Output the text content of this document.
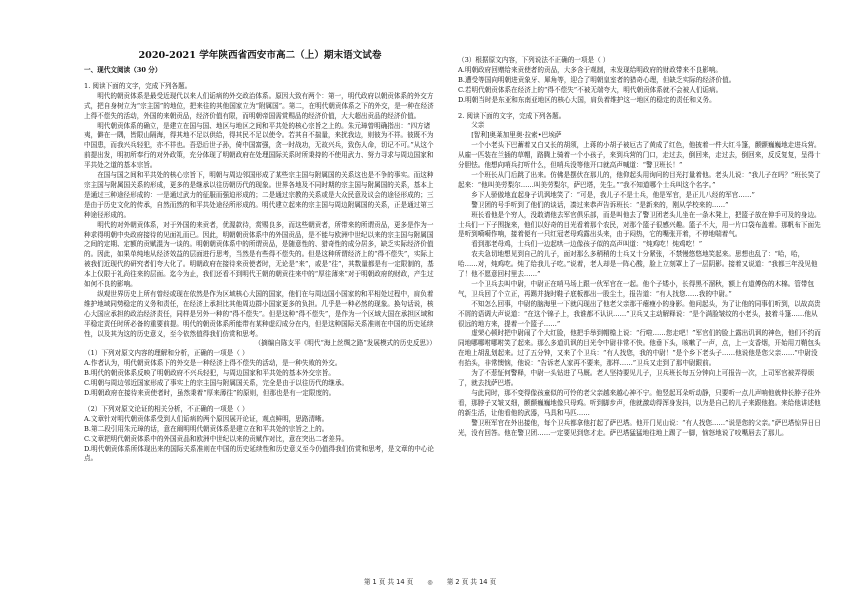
2020-2021 学年陕西省西安市高二（上）期末语文试卷

一、现代文阅读（30 分）

1. 阅读下面的文字，完成下列各题。

明代的朝贡体系是最受近现代以来人们诟病的外交政治体系。原因大致有两个：第一，明代政府以朝贡体系的外交方式，把自身树立为“宗主国”的地位，把来往的其他国家立为“附属国”。第二，在明代朝贡体系之下的外交，是一种在经济上得不偿失的活动，外国的来朝贡品，经济价值有限，而明朝帝国需赏赐品的经济价值，大大超出贡品的经济价值。

明代朝贡体系的确立，是建立在国与国、地区与地区之间和平共处的核心宗旨之上的。朱元璋曾明确指出：“四方诸夷，僻在一隅，皆限山隔海，得其地不足以供给，得其民不足以使令。若其自不揣量，来扰我边，则彼为不祥。彼既不为中国患，而我兴兵轻犯，亦不祥也。吾恐后世子孙，倚中国富强，贪一时战功，无故兴兵，致伤人命，切记不可。”从这个前提出发，明初所奉行的对外政策，充分体现了明朝政府在处理国际关系时所秉持的不使用武力、努力寻求与周边国家和平共处之道的基本宗旨。

在国与国之间和平共处的核心宗旨下，明朝与周边邻国形成了某些宗主国与附属国的关系这也是不争的事实。而这种宗主国与附属国关系的形成，更多的是继承以往历朝历代的现象。世界各地及不同时期的宗主国与附属国的关系，基本上是通过三种途径形成的：一是通过武力的征服而强迫形成的；二是通过宗教的关系或是大众民意及议会的途径形成的；三是由于历史文化的传承，自然而然的和平共处途径所形成的。明代建立起来的宗主国与周边附属国的关系，正是通过第三种途径形成的。

明代的对外朝贡体系，对于外国的来贡者，优渥款待，赏赐良多，而这些朝贡者，所带来的所谓贡品，更多是作为一种求得明朝中央政府接待的见面礼而已。因此，明朝朝贡体系中的外国贡品，是不能与欧洲中世纪以来的宗主国与附属国之间的定期、定额的贡赋混为一谈的。明朝朝贡体系中的所谓贡品，是随意性的、猎奇性的成分居多，缺乏实际经济价值的。因此，如果单纯地从经济效益的层面进行思考，当然是有些得不偿失的。但是这种所谓经济上的“得不偿失”，实际上被我们近现代的研究者们夸大化了。明朝政府在接待来贡使者时，无论是“来”，或是“往”，其数量都是有一定限制的，基本上仅限于礼尚往来的层面。迄今为止，我们还看不到明代王朝的朝贡往来中的“厚往薄来”对于明朝政府的财政，产生过如何不良的影响。

纵观世界历史上所有曾经或现在依然是作为区域核心大国的国家，他们在与周边国小国家的和平相处过程中，肩负着维护地域同势稳定的义务和责任，在经济上承担比其他周边群小国家更多的负担。几乎是一种必然的现象。换句话说，核心大国应承担的政治经济责任，同样是另外一种的“得不偿失”。但是这种“得不偿失”，是作为一个区域大国在承担区域和平稳定责任时所必备的重要前提。明代的朝贡体系所能带有某种虚幻成分在内，但是这种国际关系准则在中国的历史延续性，以及其为这的历史意义，至今依然值得我们仿赏和思考。

（摘编自陈支平《明代“海上丝绸之路”发展模式的历史反思》）

（1）下列对原文内容的理解和分析，正确的一项是（ ）

A.作者认为，明代朝贡体系下的外交是一种经济上得不偿失的活动，是一种失败的外交。

B.明代的朝贡体系反映了明朝政府不兴兵轻犯，与周边国家和平共处的基本外交宗旨。

C.明朝与周边邻近国家形成了事实上的宗主国与附属国关系，完全是由于以往历代的继承。

D.明朝政府在接待来贡使者时，虽然秉着“厚来薄往”的原则，但那也是有一定限度的。

（2）下列对原文论证的相关分析，不正确的一项是（ ）

A.文章针对明代朝贡体系受到人们诟病的两个原因展开论证，观点鲜明，思路清晰。

B.第二段引用朱元璋的话，意在阐明明代朝贡体系是建立在和平共处的宗旨之上的。

C.文章把明代朝贡体系中的外国贡品和欧洲中世纪以来的贡赋作对比，意在突出二者差异。

D.明代朝贡体系所体现出来的国际关系准则在中国的历史延续性和历史意义至今仍值得我们仿赏和思考，是文章的中心论点。

（3）根据原文内容，下列说法不正确的一项是（ ）

A.明朝政府回赠给来贡使者的贡品，大多含于观制，未发现给明政府的财政带来不良影响。

B.遭受等国向明朝进贡象牙、犀角等，迎合了明朝皇室者的猎奇心理，但缺乏实际的经济价值。

C.若明代朝贡体系在经济上的“得不偿失”不被无端夸大，明代朝贡体系就不会被人们诟病。

D.明朝当时是东亚和东南亚地区的核心大国，肩负着维护这一地区的稳定的责任和义务。

2. 阅读下面的文字，完成下列各题。

父亲

[智利]奥莱加里奥·拉索•巴埃萨

一个小老头下巴蓄着又白又长的胡须，上蒋的小胡子被厄古了黄成了红色，他披着一件大红斗篷，颤颤巍巍地走进兵营。从雇一匹装在兰插的草帽，路腾上骑着一个小孩子，来到兵营的门口，走过去，倒回来，走过去，倒回来，反反复复，呈得十分胆怯。他想向哨兵打听什么，但哨兵没等他开口就高声喊道：“警卫班长！”

一个班长从门后跳了出来。仿佛是摆伏在那儿的，他仰起头用询问的目光打量着他。老头儿说：“我儿子在吗？”班长笑了起来：“他叫美劳梨尔……叫美劳梨尔，萨巴塔，先生。”“我不知道哪个士兵叫这个名字。”

乡下人骄傲地直起身子讥讽地笑了：“可是，我儿子不是士兵，他是军官，是正儿八经的军官……”

警卫团的号手听到了他们的谈话，凑过来恭声告诉班长：“是新来的，刚从学校来的……”

班长看他是个穷人，没敢请他去军官俱乐部，而是叫他去了警卫团老头儿坐在一条木凳上，把篮子放在伸手可及的身边。士兵们一下子围拢来，他们以好奇的目光看着那个农民，对那个篮子很感兴趣。篮子不大，用一片口袋布盖着。那帆布下面先是听到嗬嗬作响，接着便有一只红冠老母鸡露出头来，由于闷热，它的嘴张开着，不停地喘着气。

看到那老母鸡，士兵们一边起哄一边像孩子似的高声叫道：“炖鸡吃！炖鸡吃！”

农夫急切地想见到自己的儿子，面对那么多稍稍的士兵又十分紧张，不禁慢悠悠地笑起来。思想也乱了：“哈，哈，哈……对，炖鸡吃。炖了给我儿子吃。”说着，老人却是一阵心酸，脸上立刻罩上了一层阴影。接着又说道：“我都三年没见他了！他不愿意回村里去……”

一个卫兵去叫中尉，中尉正在哨马场上跟一伙军官在一起。他个子矮小，长得黑不溜秋，额上有道傅伤的木棉。管带包气，卫兵回了个立正，再踢并拢时鞋子底板都出一股尘土，报告道：“有人找您……我的中尉。”

不知怎么回事，中尉的脑海里一下就闪现出了他老父亲那干瘪瘦小的身影。他问起头，为了让他的同事们听到，以故高贵不屑的语调大声说道：“在这个锦子上，我谁都不认识……”卫兵又主动解释说：“是个满脸皱纹的小老头，披着斗篷……他从很远的地方来，提着一个篮子……”

虚荣心顿时把中尉闹了个大红脸，他把手举到帽檐上说：“行啦……您走吧！”军官们的脸上露出讥讽的神色，他们不约而同地哪哪咐哪咐笑了起来。那么多道讥讽的目光令中尉非常不快。他垂下头，咳嗽了一声，点，上一支香烟，开始用刀鞘包头在地上胡乱划起来。过了五分钟，又来了个卫兵：“有人找您，我的中尉！”是个乡下老头子……他说他是您父亲……”中尉没有抬头，非常懊恼，他说：“告诉老人家再不要来，那样……”卫兵又走到了那中尉跟前。

为了不惹怔何警释，中尉一头钻进了马厩。老人坚持要见儿子，卫兵班长每五分钟向上可报告一次，上司军官被弄得烦了，就去找萨巴塔。

与此同时，那不变得像孩童似的可怜的老父亲越来越心神不宁。他竖起耳朵听动静，只要听一点儿声响他就伸长脖子往外看，那脖子又皱又细，颤颤巍巍地像只母鸡。听到脚步声，他就激动得浑身发抖，以为是自己的儿子来跟他抱。来给他讲述他的新生活，让他看他的武器，马具和马匹……

警卫班军官在外出接他，每个卫兵都拿他打起了萨巴塔。他开门见山说：“有人找您……”说是您的父亲。”萨巴塔惊异日日光，没有回答。他在警卫团……一定要见到您才走。萨巴塔猛猛地往地上踢了一脚，恼怒地说了咬嘴唇去了那儿。

第 1 页 共 14 页 ◎ 第 2 页 共 14 页
